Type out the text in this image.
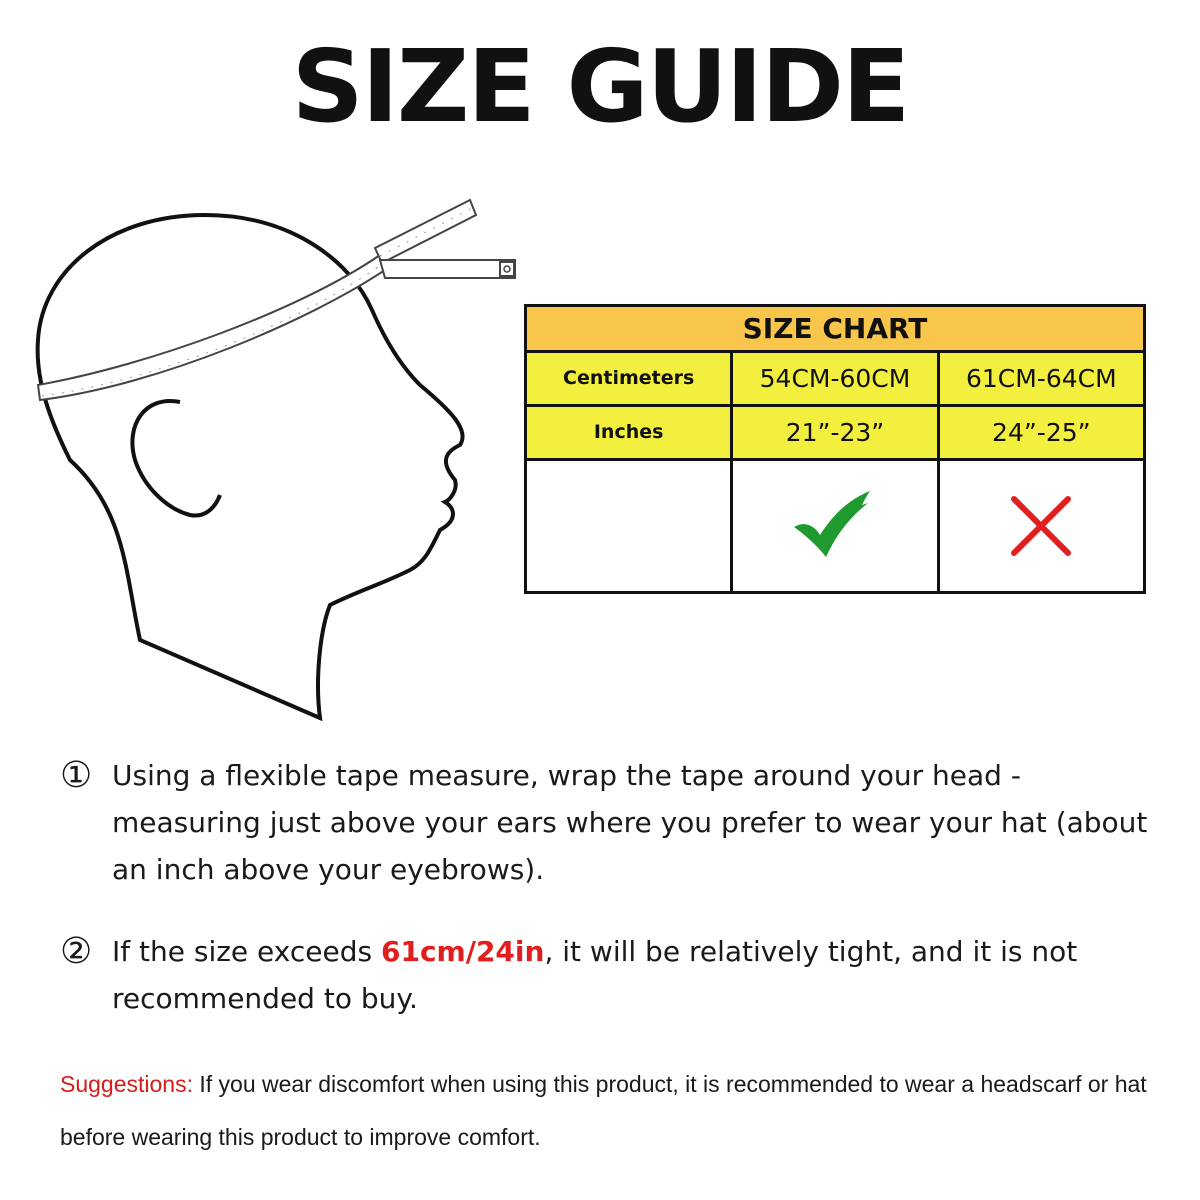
SIZE GUIDE
SIZE CHART		
Centimeters	54CM-60CM	61CM-64CM
Inches	21”-23”	24”-25”

① Using a flexible tape measure, wrap the tape around your head - measuring just above your ears where you prefer to wear your hat (about an inch above your eyebrows).
② If the size exceeds 61cm/24in, it will be relatively tight, and it is not recommended to buy.
Suggestions: If you wear discomfort when using this product, it is recommended to wear a headscarf or hat before wearing this product to improve comfort.
